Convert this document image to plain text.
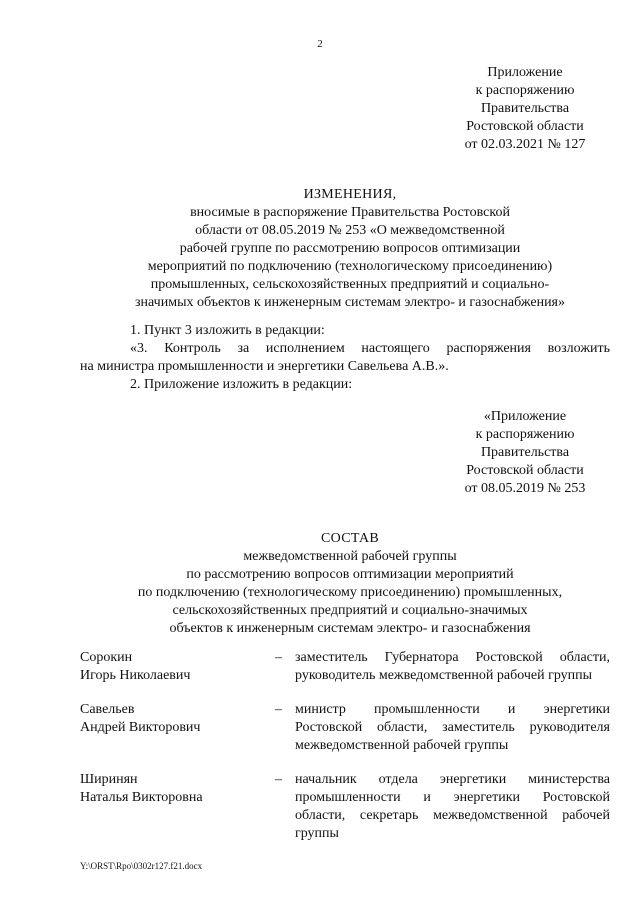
2
Приложение
к распоряжению
Правительства
Ростовской области
от 02.03.2021 № 127
ИЗМЕНЕНИЯ,
вносимые в распоряжение Правительства Ростовской
области от 08.05.2019 № 253 «О межведомственной
рабочей группе по рассмотрению вопросов оптимизации
мероприятий по подключению (технологическому присоединению)
промышленных, сельскохозяйственных предприятий и социально-
значимых объектов к инженерным системам электро- и газоснабжения»
1. Пункт 3 изложить в редакции:
«3. Контроль за исполнением настоящего распоряжения возложить
на министра промышленности и энергетики Савельева А.В.».
2. Приложение изложить в редакции:
«Приложение
к распоряжению
Правительства
Ростовской области
от 08.05.2019 № 253
СОСТАВ
межведомственной рабочей группы
по рассмотрению вопросов оптимизации мероприятий
по подключению (технологическому присоединению) промышленных,
сельскохозяйственных предприятий и социально-значимых
объектов к инженерным системам электро- и газоснабжения
Сорокин
Игорь Николаевич
– заместитель Губернатора Ростовской области,
руководитель межведомственной рабочей группы
Савельев
Андрей Викторович
– министр промышленности и энергетики
Ростовской области, заместитель руководителя
межведомственной рабочей группы
Ширинян
Наталья Викторовна
– начальник отдела энергетики министерства
промышленности и энергетики Ростовской
области, секретарь межведомственной рабочей
группы
Y:\ORST\Rpo\0302r127.f21.docx
